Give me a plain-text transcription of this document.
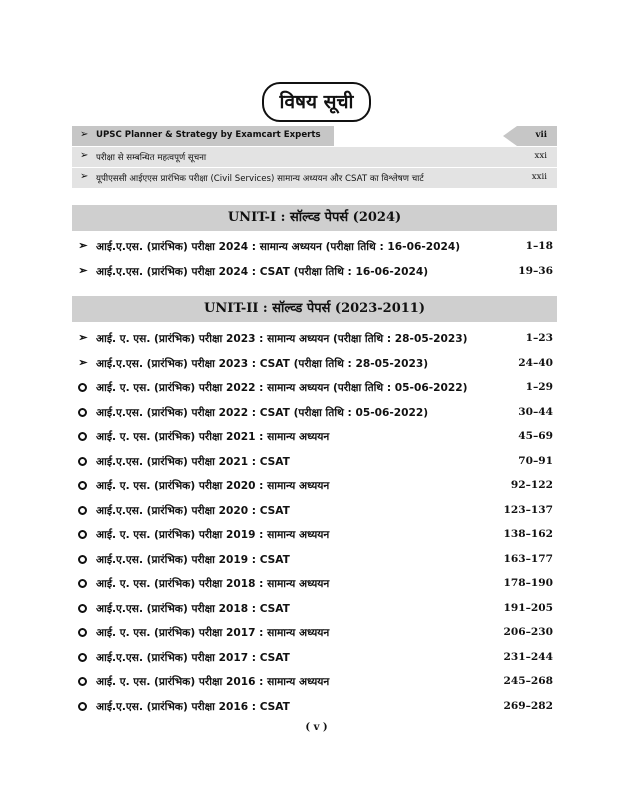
विषय सूची
➢ UPSC Planner & Strategy by Examcart Experts	vii
➢ परीक्षा से सम्बन्धित महत्वपूर्ण सूचना	xxi
➢ यूपीएससी आईएएस प्रारंभिक परीक्षा (Civil Services) सामान्य अध्ययन और CSAT का विश्लेषण चार्ट	xxii
UNIT-I : सॉल्व्ड पेपर्स (2024)
➢ आई.ए.एस. (प्रारंभिक) परीक्षा 2024 : सामान्य अध्ययन (परीक्षा तिथि : 16-06-2024)	1–18
➢ आई.ए.एस. (प्रारंभिक) परीक्षा 2024 : CSAT (परीक्षा तिथि : 16-06-2024)	19–36
UNIT-II : सॉल्व्ड पेपर्स (2023-2011)
➢ आई. ए. एस. (प्रारंभिक) परीक्षा 2023 : सामान्य अध्ययन (परीक्षा तिथि : 28-05-2023)	1–23
➢ आई.ए.एस. (प्रारंभिक) परीक्षा 2023 : CSAT (परीक्षा तिथि : 28-05-2023)	24–40
आई. ए. एस. (प्रारंभिक) परीक्षा 2022 : सामान्य अध्ययन (परीक्षा तिथि : 05-06-2022)	1–29
आई.ए.एस. (प्रारंभिक) परीक्षा 2022 : CSAT (परीक्षा तिथि : 05-06-2022)	30–44
आई. ए. एस. (प्रारंभिक) परीक्षा 2021 : सामान्य अध्ययन	45–69
आई.ए.एस. (प्रारंभिक) परीक्षा 2021 : CSAT	70–91
आई. ए. एस. (प्रारंभिक) परीक्षा 2020 : सामान्य अध्ययन	92–122
आई.ए.एस. (प्रारंभिक) परीक्षा 2020 : CSAT	123–137
आई. ए. एस. (प्रारंभिक) परीक्षा 2019 : सामान्य अध्ययन	138–162
आई.ए.एस. (प्रारंभिक) परीक्षा 2019 : CSAT	163–177
आई. ए. एस. (प्रारंभिक) परीक्षा 2018 : सामान्य अध्ययन	178–190
आई.ए.एस. (प्रारंभिक) परीक्षा 2018 : CSAT	191–205
आई. ए. एस. (प्रारंभिक) परीक्षा 2017 : सामान्य अध्ययन	206–230
आई.ए.एस. (प्रारंभिक) परीक्षा 2017 : CSAT	231–244
आई. ए. एस. (प्रारंभिक) परीक्षा 2016 : सामान्य अध्ययन	245–268
आई.ए.एस. (प्रारंभिक) परीक्षा 2016 : CSAT	269–282
( v )
